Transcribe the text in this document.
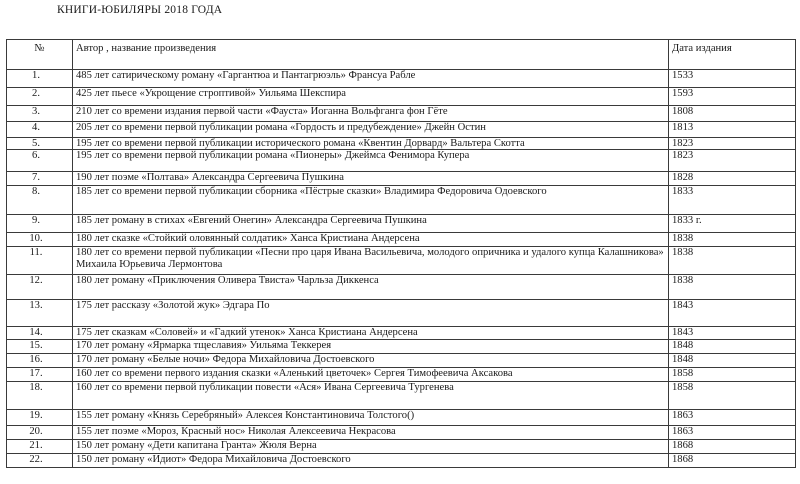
КНИГИ-ЮБИЛЯРЫ 2018 ГОДА
№	Автор , название произведения	Дата издания
1.	485 лет сатирическому роману «Гаргантюа и Пантагрюэль» Франсуа Рабле	1533
2.	425 лет пьесе «Укрощение строптивой» Уильяма Шекспира	1593
3.	210 лет со времени издания первой части «Фауста» Иоганна Вольфганга фон Гёте	1808
4.	205 лет со времени первой публикации романа «Гордость и предубеждение» Джейн Остин	1813
5.	195 лет со времени первой публикации исторического романа «Квентин Дорвард» Вальтера Скотта	1823
6.	195 лет со времени первой публикации романа «Пионеры» Джеймса Фенимора Купера	1823
7.	190 лет поэме «Полтава» Александра Сергеевича Пушкина	1828
8.	185 лет со времени первой публикации сборника «Пёстрые сказки» Владимира Федоровича Одоевского	1833
9.	185 лет роману в стихах «Евгений Онегин» Александра Сергеевича Пушкина	1833 г.
10.	180 лет сказке «Стойкий оловянный солдатик» Ханса Кристиана Андерсена	1838
11.	180 лет со времени первой публикации «Песни про царя Ивана Васильевича, молодого опричника и удалого купца Калашникова» Михаила Юрьевича Лермонтова	1838
12.	180 лет роману «Приключения Оливера Твиста» Чарльза Диккенса	1838
13.	175 лет рассказу «Золотой жук» Эдгара По	1843
14.	175 лет сказкам «Соловей» и «Гадкий утенок» Ханса Кристиана Андерсена	1843
15.	170 лет роману «Ярмарка тщеславия» Уильяма Теккерея	1848
16.	170 лет роману «Белые ночи» Федора Михайловича Достоевского	1848
17.	160 лет со времени первого издания сказки «Аленький цветочек» Сергея Тимофеевича Аксакова	1858
18.	160 лет со времени первой публикации повести «Ася» Ивана Сергеевича Тургенева	1858
19.	155 лет роману «Князь Серебряный» Алексея Константиновича Толстого()	1863
20.	155 лет поэме «Мороз, Красный нос» Николая Алексеевича Некрасова	1863
21.	150 лет роману «Дети капитана Гранта» Жюля Верна	1868
22.	150 лет роману «Идиот» Федора Михайловича Достоевского	1868
